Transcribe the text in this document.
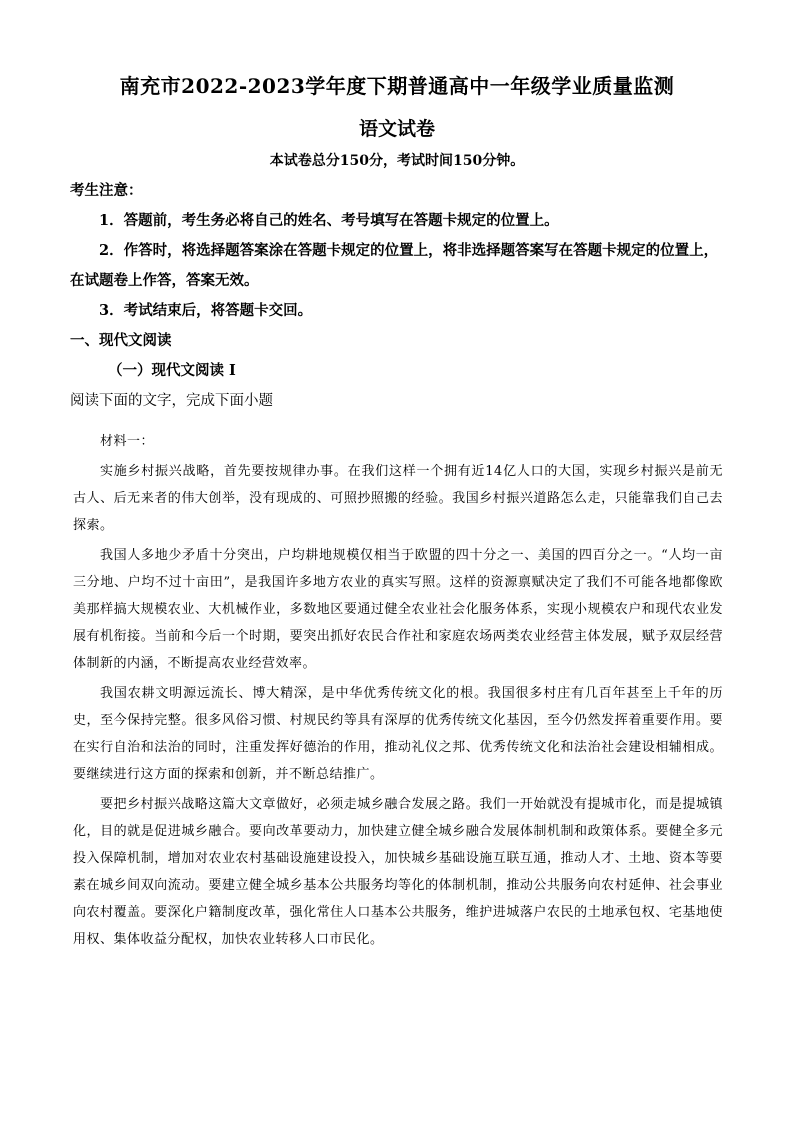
南充市2022-2023学年度下期普通高中一年级学业质量监测
语文试卷
本试卷总分150分，考试时间150分钟。
考生注意：
1．答题前，考生务必将自己的姓名、考号填写在答题卡规定的位置上。
2．作答时，将选择题答案涂在答题卡规定的位置上，将非选择题答案写在答题卡规定的位置上，在试题卷上作答，答案无效。
3．考试结束后，将答题卡交回。
一、现代文阅读
（一）现代文阅读 I
阅读下面的文字，完成下面小题

材料一：

实施乡村振兴战略，首先要按规律办事。在我们这样一个拥有近14亿人口的大国，实现乡村振兴是前无古人、后无来者的伟大创举，没有现成的、可照抄照搬的经验。我国乡村振兴道路怎么走，只能靠我们自己去探索。

我国人多地少矛盾十分突出，户均耕地规模仅相当于欧盟的四十分之一、美国的四百分之一。“人均一亩三分地、户均不过十亩田”，是我国许多地方农业的真实写照。这样的资源禀赋决定了我们不可能各地都像欧美那样搞大规模农业、大机械作业，多数地区要通过健全农业社会化服务体系，实现小规模农户和现代农业发展有机衔接。当前和今后一个时期，要突出抓好农民合作社和家庭农场两类农业经营主体发展，赋予双层经营体制新的内涵，不断提高农业经营效率。

我国农耕文明源远流长、博大精深，是中华优秀传统文化的根。我国很多村庄有几百年甚至上千年的历史，至今保持完整。很多风俗习惯、村规民约等具有深厚的优秀传统文化基因，至今仍然发挥着重要作用。要在实行自治和法治的同时，注重发挥好德治的作用，推动礼仪之邦、优秀传统文化和法治社会建设相辅相成。要继续进行这方面的探索和创新，并不断总结推广。

要把乡村振兴战略这篇大文章做好，必须走城乡融合发展之路。我们一开始就没有提城市化，而是提城镇化，目的就是促进城乡融合。要向改革要动力，加快建立健全城乡融合发展体制机制和政策体系。要健全多元投入保障机制，增加对农业农村基础设施建设投入，加快城乡基础设施互联互通，推动人才、土地、资本等要素在城乡间双向流动。要建立健全城乡基本公共服务均等化的体制机制，推动公共服务向农村延伸、社会事业向农村覆盖。要深化户籍制度改革，强化常住人口基本公共服务，维护进城落户农民的土地承包权、宅基地使用权、集体收益分配权，加快农业转移人口市民化。
